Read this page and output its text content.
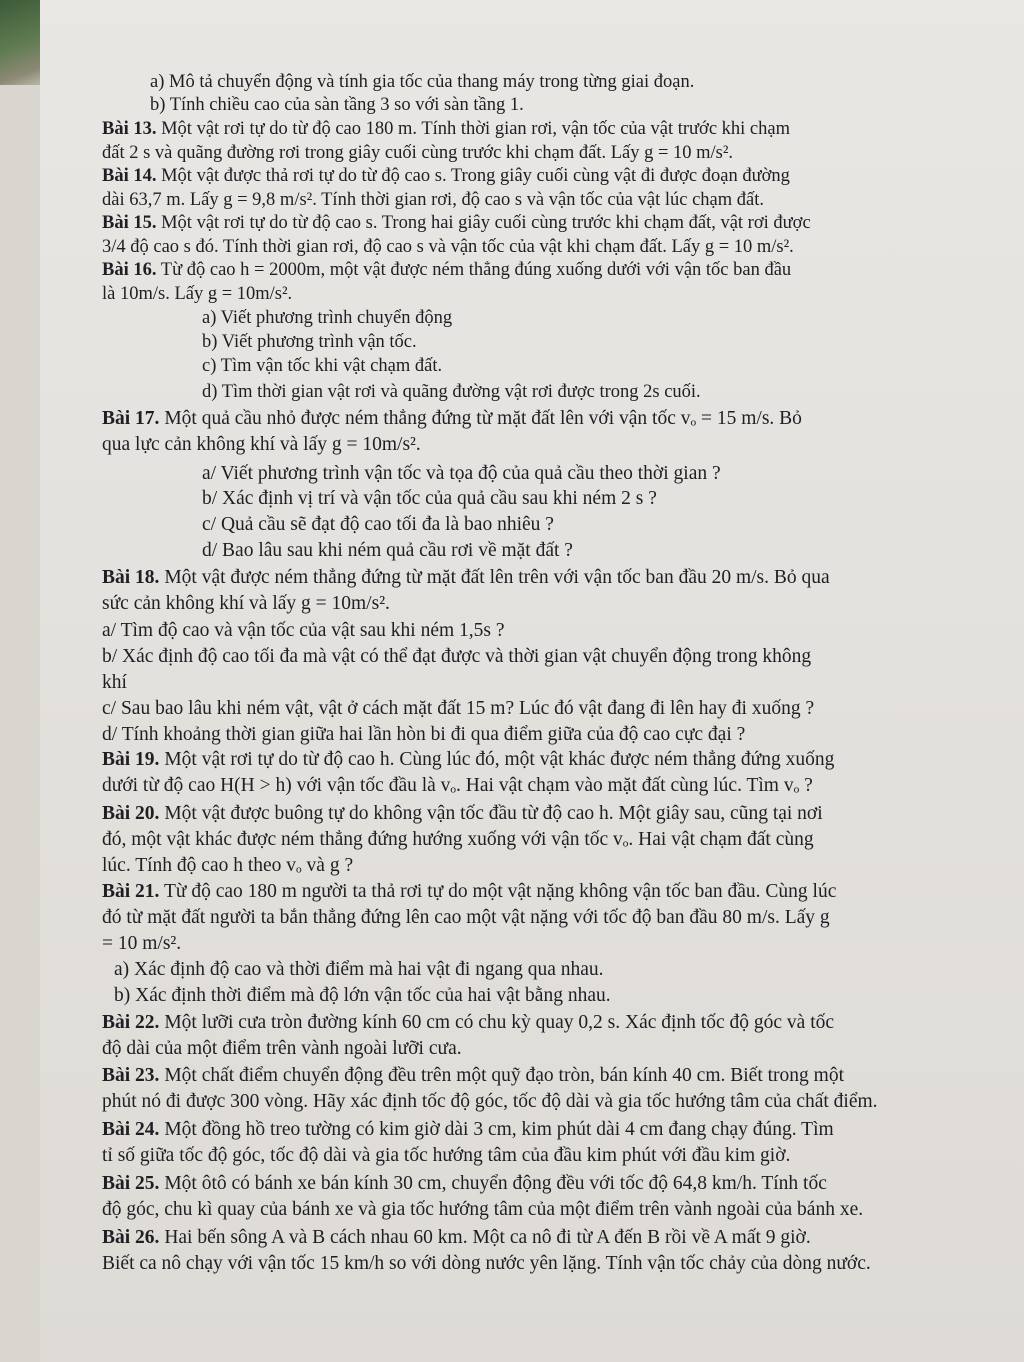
a) Mô tả chuyển động và tính gia tốc của thang máy trong từng giai đoạn.
b) Tính chiều cao của sàn tầng 3 so với sàn tầng 1.
Bài 13. Một vật rơi tự do từ độ cao 180 m. Tính thời gian rơi, vận tốc của vật trước khi chạm
đất 2 s và quãng đường rơi trong giây cuối cùng trước khi chạm đất. Lấy g = 10 m/s².
Bài 14. Một vật được thả rơi tự do từ độ cao s. Trong giây cuối cùng vật đi được đoạn đường
dài 63,7 m. Lấy g = 9,8 m/s². Tính thời gian rơi, độ cao s và vận tốc của vật lúc chạm đất.
Bài 15. Một vật rơi tự do từ độ cao s. Trong hai giây cuối cùng trước khi chạm đất, vật rơi được
3/4 độ cao s đó. Tính thời gian rơi, độ cao s và vận tốc của vật khi chạm đất. Lấy g = 10 m/s².
Bài 16. Từ độ cao h = 2000m, một vật được ném thẳng đúng xuống dưới với vận tốc ban đầu
là 10m/s. Lấy g = 10m/s².
a) Viết phương trình chuyển động
b) Viết phương trình vận tốc.
c) Tìm vận tốc khi vật chạm đất.
d) Tìm thời gian vật rơi và quãng đường vật rơi được trong 2s cuối.
Bài 17. Một quả cầu nhỏ được ném thẳng đứng từ mặt đất lên với vận tốc vₒ = 15 m/s. Bỏ
qua lực cản không khí và lấy g = 10m/s².
a/ Viết phương trình vận tốc và tọa độ của quả cầu theo thời gian ?
b/ Xác định vị trí và vận tốc của quả cầu sau khi ném 2 s ?
c/ Quả cầu sẽ đạt độ cao tối đa là bao nhiêu ?
d/ Bao lâu sau khi ném quả cầu rơi về mặt đất ?
Bài 18. Một vật được ném thẳng đứng từ mặt đất lên trên với vận tốc ban đầu 20 m/s. Bỏ qua
sức cản không khí và lấy g = 10m/s².
a/ Tìm độ cao và vận tốc của vật sau khi ném 1,5s ?
b/ Xác định độ cao tối đa mà vật có thể đạt được và thời gian vật chuyển động trong không
khí
c/ Sau bao lâu khi ném vật, vật ở cách mặt đất 15 m? Lúc đó vật đang đi lên hay đi xuống ?
d/ Tính khoảng thời gian giữa hai lần hòn bi đi qua điểm giữa của độ cao cực đại ?
Bài 19. Một vật rơi tự do từ độ cao h. Cùng lúc đó, một vật khác được ném thẳng đứng xuống
dưới từ độ cao H(H > h) với vận tốc đầu là vₒ. Hai vật chạm vào mặt đất cùng lúc. Tìm vₒ ?
Bài 20. Một vật được buông tự do không vận tốc đầu từ độ cao h. Một giây sau, cũng tại nơi
đó, một vật khác được ném thẳng đứng hướng xuống với vận tốc vₒ. Hai vật chạm đất cùng
lúc. Tính độ cao h theo vₒ và g ?
Bài 21. Từ độ cao 180 m người ta thả rơi tự do một vật nặng không vận tốc ban đầu. Cùng lúc
đó từ mặt đất người ta bắn thẳng đứng lên cao một vật nặng với tốc độ ban đầu 80 m/s. Lấy g
= 10 m/s².
a) Xác định độ cao và thời điểm mà hai vật đi ngang qua nhau.
b) Xác định thời điểm mà độ lớn vận tốc của hai vật bằng nhau.
Bài 22. Một lưỡi cưa tròn đường kính 60 cm có chu kỳ quay 0,2 s. Xác định tốc độ góc và tốc
độ dài của một điểm trên vành ngoài lưỡi cưa.
Bài 23. Một chất điểm chuyển động đều trên một quỹ đạo tròn, bán kính 40 cm. Biết trong một
phút nó đi được 300 vòng. Hãy xác định tốc độ góc, tốc độ dài và gia tốc hướng tâm của chất điểm.
Bài 24. Một đồng hồ treo tường có kim giờ dài 3 cm, kim phút dài 4 cm đang chạy đúng. Tìm
tỉ số giữa tốc độ góc, tốc độ dài và gia tốc hướng tâm của đầu kim phút với đầu kim giờ.
Bài 25. Một ôtô có bánh xe bán kính 30 cm, chuyển động đều với tốc độ 64,8 km/h. Tính tốc
độ góc, chu kì quay của bánh xe và gia tốc hướng tâm của một điểm trên vành ngoài của bánh xe.
Bài 26. Hai bến sông A và B cách nhau 60 km. Một ca nô đi từ A đến B rồi về A mất 9 giờ.
Biết ca nô chạy với vận tốc 15 km/h so với dòng nước yên lặng. Tính vận tốc chảy của dòng nước.
